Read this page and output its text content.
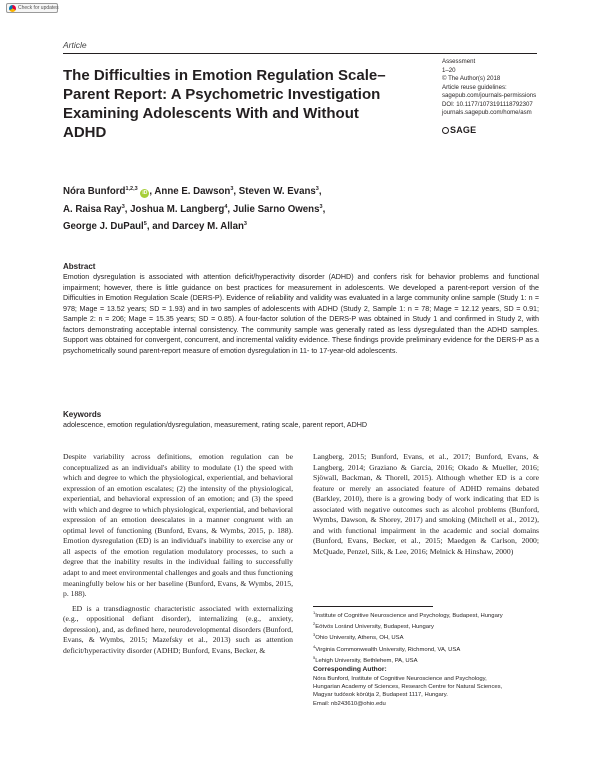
Check for updates
Article
The Difficulties in Emotion Regulation Scale–Parent Report: A Psychometric Investigation Examining Adolescents With and Without ADHD
Assessment
1–20
© The Author(s) 2018
Article reuse guidelines:
sagepub.com/journals-permissions
DOI: 10.1177/1073191118792307
journals.sagepub.com/home/asm
SAGE
Nóra Bunford$^{1,2,3}$ iD , Anne E. Dawson$^3$, Steven W. Evans$^3$,
A. Raisa Ray$^3$, Joshua M. Langberg$^4$, Julie Sarno Owens$^3$,
George J. DuPaul$^5$, and Darcey M. Allan$^3$
Abstract

Emotion dysregulation is associated with attention deficit/hyperactivity disorder (ADHD) and confers risk for behavior problems and functional impairment; however, there is little guidance on best practices for measurement in adolescents. We developed a parent-report version of the Difficulties in Emotion Regulation Scale (DERS-P). Evidence of reliability and validity was evaluated in a large community online sample (Study 1: n = 978; Mage = 13.52 years; SD = 1.93) and in two samples of adolescents with ADHD (Study 2, Sample 1: n = 78; Mage = 12.12 years, SD = 0.91; Sample 2: n = 206; Mage = 15.35 years; SD = 0.85). A four-factor solution of the DERS-P was obtained in Study 1 and confirmed in Study 2, with factors demonstrating acceptable internal consistency. The community sample was generally rated as less dysregulated than the ADHD samples. Support was obtained for convergent, concurrent, and incremental validity evidence. These findings provide preliminary evidence for the DERS-P as a psychometrically sound parent-report measure of emotion dysregulation in 11- to 17-year-old adolescents.

Keywords

adolescence, emotion regulation/dysregulation, measurement, rating scale, parent report, ADHD

Despite variability across definitions, emotion regulation can be conceptualized as an individual's ability to modulate (1) the speed with which and degree to which the physiological, experiential, and behavioral expression of an emotion escalates; (2) the intensity of the physiological, experiential, and behavioral expression of an emotion; and (3) the speed with which and degree to which physiological, experiential, and behavioral expression of an emotion deescalates in a manner congruent with an optimal level of functioning (Bunford, Evans, & Wymbs, 2015, p. 188). Emotion dysregulation (ED) is an individual's inability to exercise any or all aspects of the emotion regulation modulatory processes, to such a degree that the inability results in the individual failing to successfully adapt to and meet environmental challenges and goals and thus functioning meaningfully below his or her baseline (Bunford, Evans, & Wymbs, 2015, p. 188).

ED is a transdiagnostic characteristic associated with externalizing (e.g., oppositional defiant disorder), internalizing (e.g., anxiety, depression), and, as defined here, neurodevelopmental disorders (Bunford, Evans, & Wymbs, 2015; Mazefsky et al., 2013) such as attention deficit/hyperactivity disorder (ADHD; Bunford, Evans, Becker, &

Langberg, 2015; Bunford, Evans, et al., 2017; Bunford, Evans, & Langberg, 2014; Graziano & Garcia, 2016; Okado & Mueller, 2016; Sjöwall, Backman, & Thorell, 2015). Although whether ED is a core feature or merely an associated feature of ADHD remains debated (Barkley, 2010), there is a growing body of work indicating that ED is associated with negative outcomes such as alcohol problems (Bunford, Wymbs, Dawson, & Shorey, 2017) and smoking (Mitchell et al., 2012), and with functional impairment in the academic and social domains (Bunford, Evans, Becker, et al., 2015; Maedgen & Carlson, 2000; McQuade, Penzel, Silk, & Lee, 2016; Melnick & Hinshaw, 2000)

$^1$Institute of Cognitive Neuroscience and Psychology, Budapest, Hungary
$^2$Eötvös Loránd University, Budapest, Hungary
$^3$Ohio University, Athens, OH, USA
$^4$Virginia Commonwealth University, Richmond, VA, USA
$^5$Lehigh University, Bethlehem, PA, USA
Corresponding Author:
Nóra Bunford, Institute of Cognitive Neuroscience and Psychology,
Hungarian Academy of Sciences, Research Centre for Natural Sciences,
Magyar tudósok körútja 2, Budapest 1117, Hungary.
Email: nb243610@ohio.edu
